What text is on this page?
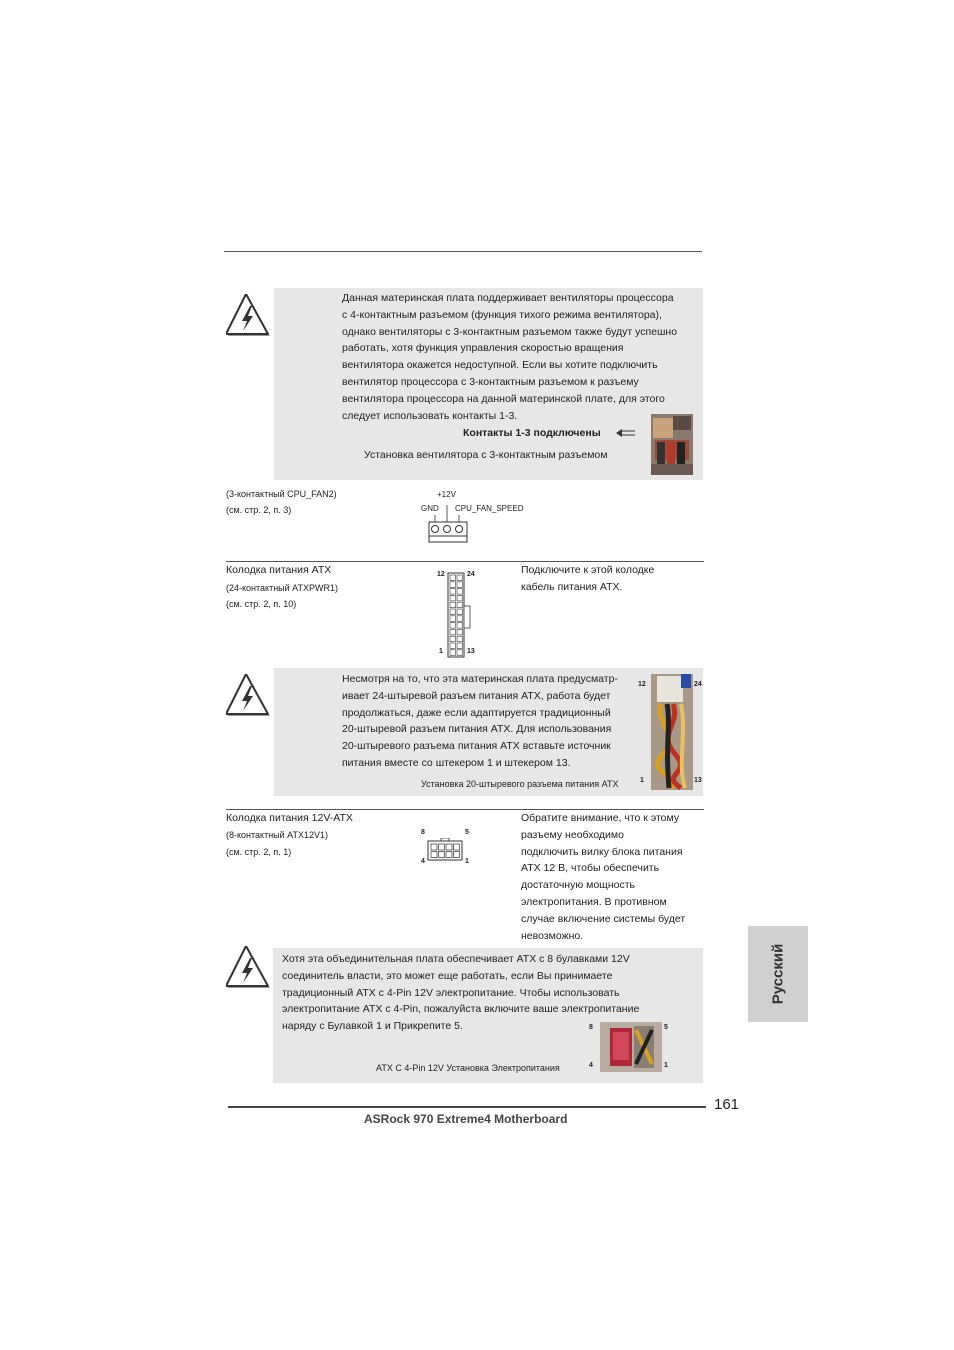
Данная материнская плата поддерживает вентиляторы процессора
с 4-контактным разъемом (функция тихого режима вентилятора),
однако вентиляторы с 3-контактным разъемом также будут успешно
работать, хотя функция управления скоростью вращения
вентилятора окажется недоступной. Если вы хотите подключить
вентилятор процессора с 3-контактным разъемом к разъему
вентилятора процессора на данной материнской плате, для этого
следует использовать контакты 1-3.
Контакты 1-3 подключены
Установка вентилятора с 3-контактным разъемом
(3-контактный CPU_FAN2)
(см. стр. 2, п. 3)
+12V
GND CPU_FAN_SPEED
Колодка питания ATX
(24-контактный ATXPWR1)
(см. стр. 2, п. 10)
Подключите к этой колодке
кабель питания ATX.
12	24
1	13
Несмотря на то, что эта материнская плата предусматр-
ивает 24-штыревой разъем питания ATX, работа будет
продолжаться, даже если адаптируется традиционный
20-штыревой разъем питания ATX. Для использования
20-штыревого разъема питания ATX вставьте источник
питания вместе со штекером 1 и штекером 13.
Установка 20-штыревого разъема питания ATX
12	24
1	13
Колодка питания 12V-ATX
(8-контактный ATX12V1)
(см. стр. 2, п. 1)
Обратите внимание, что к этому
разъему необходимо
подключить вилку блока питания
ATX 12 В, чтобы обеспечить
достаточную мощность
электропитания. В противном
случае включение системы будет
невозможно.
8	5
4	1
Хотя эта объединительная плата обеспечивает ATX с 8 булавками 12V
соединитель власти, это может еще работать, если Вы принимаете
традиционный ATX с 4-Pin 12V электропитание. Чтобы использовать
электропитание ATX с 4-Pin, пожалуйста включите ваше электропитание
наряду с Булавкой 1 и Прикрепите 5.
ATX С 4-Pin 12V Установка Электропитания
8	5
4	1
Русский
161
ASRock 970 Extreme4 Motherboard
